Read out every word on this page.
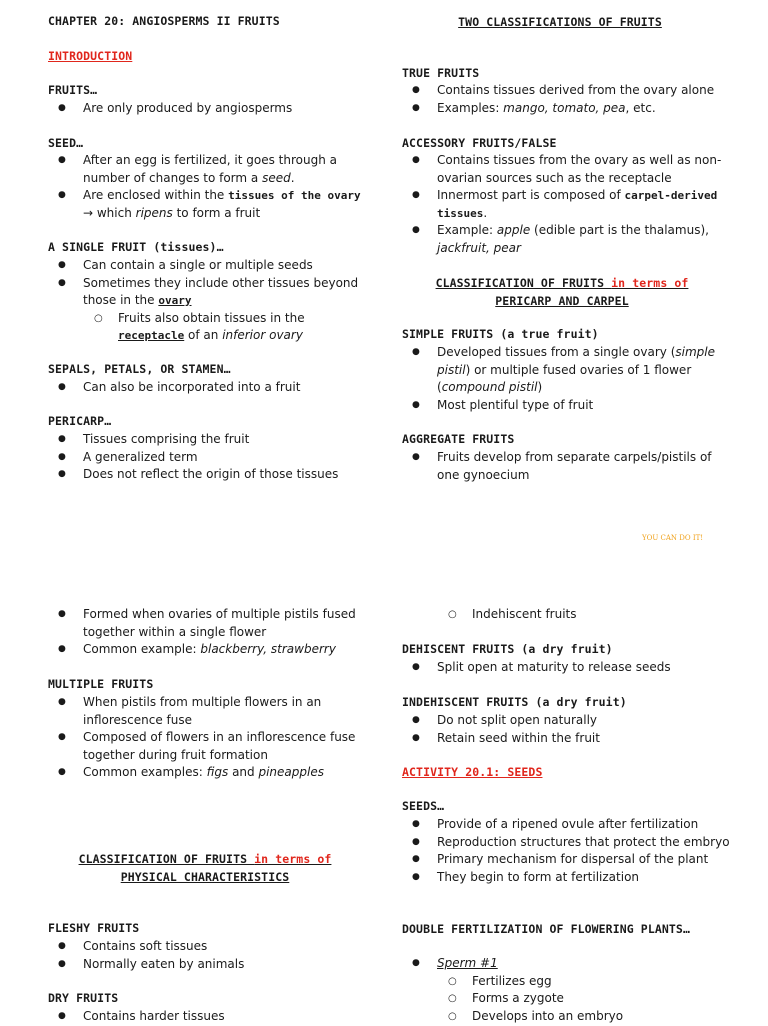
CHAPTER 20: ANGIOSPERMS II FRUITS
INTRODUCTION
FRUITS…
● Are only produced by angiosperms
SEED…
● After an egg is fertilized, it goes through a number of changes to form a seed.
● Are enclosed within the tissues of the ovary → which ripens to form a fruit
A SINGLE FRUIT (tissues)…
● Can contain a single or multiple seeds
● Sometimes they include other tissues beyond those in the ovary
○ Fruits also obtain tissues in the receptacle of an inferior ovary
SEPALS, PETALS, OR STAMEN…
● Can also be incorporated into a fruit
PERICARP…
● Tissues comprising the fruit
● A generalized term
● Does not reflect the origin of those tissues
TWO CLASSIFICATIONS OF FRUITS
TRUE FRUITS
● Contains tissues derived from the ovary alone
● Examples: mango, tomato, pea, etc.
ACCESSORY FRUITS/FALSE
● Contains tissues from the ovary as well as non-ovarian sources such as the receptacle
● Innermost part is composed of carpel-derived tissues.
● Example: apple (edible part is the thalamus), jackfruit, pear
CLASSIFICATION OF FRUITS in terms of
PERICARP AND CARPEL
SIMPLE FRUITS (a true fruit)
● Developed tissues from a single ovary (simple pistil) or multiple fused ovaries of 1 flower (compound pistil)
● Most plentiful type of fruit
AGGREGATE FRUITS
● Fruits develop from separate carpels/pistils of one gynoecium
YOU CAN DO IT!
● Formed when ovaries of multiple pistils fused together within a single flower
● Common example: blackberry, strawberry
MULTIPLE FRUITS
● When pistils from multiple flowers in an inflorescence fuse
● Composed of flowers in an inflorescence fuse together during fruit formation
● Common examples: figs and pineapples
CLASSIFICATION OF FRUITS in terms of
PHYSICAL CHARACTERISTICS
FLESHY FRUITS
● Contains soft tissues
● Normally eaten by animals
DRY FRUITS
● Contains harder tissues
○ Indehiscent fruits
DEHISCENT FRUITS (a dry fruit)
● Split open at maturity to release seeds
INDEHISCENT FRUITS (a dry fruit)
● Do not split open naturally
● Retain seed within the fruit
ACTIVITY 20.1: SEEDS
SEEDS…
● Provide of a ripened ovule after fertilization
● Reproduction structures that protect the embryo
● Primary mechanism for dispersal of the plant
● They begin to form at fertilization
DOUBLE FERTILIZATION OF FLOWERING PLANTS…
● Sperm #1
○ Fertilizes egg
○ Forms a zygote
○ Develops into an embryo
